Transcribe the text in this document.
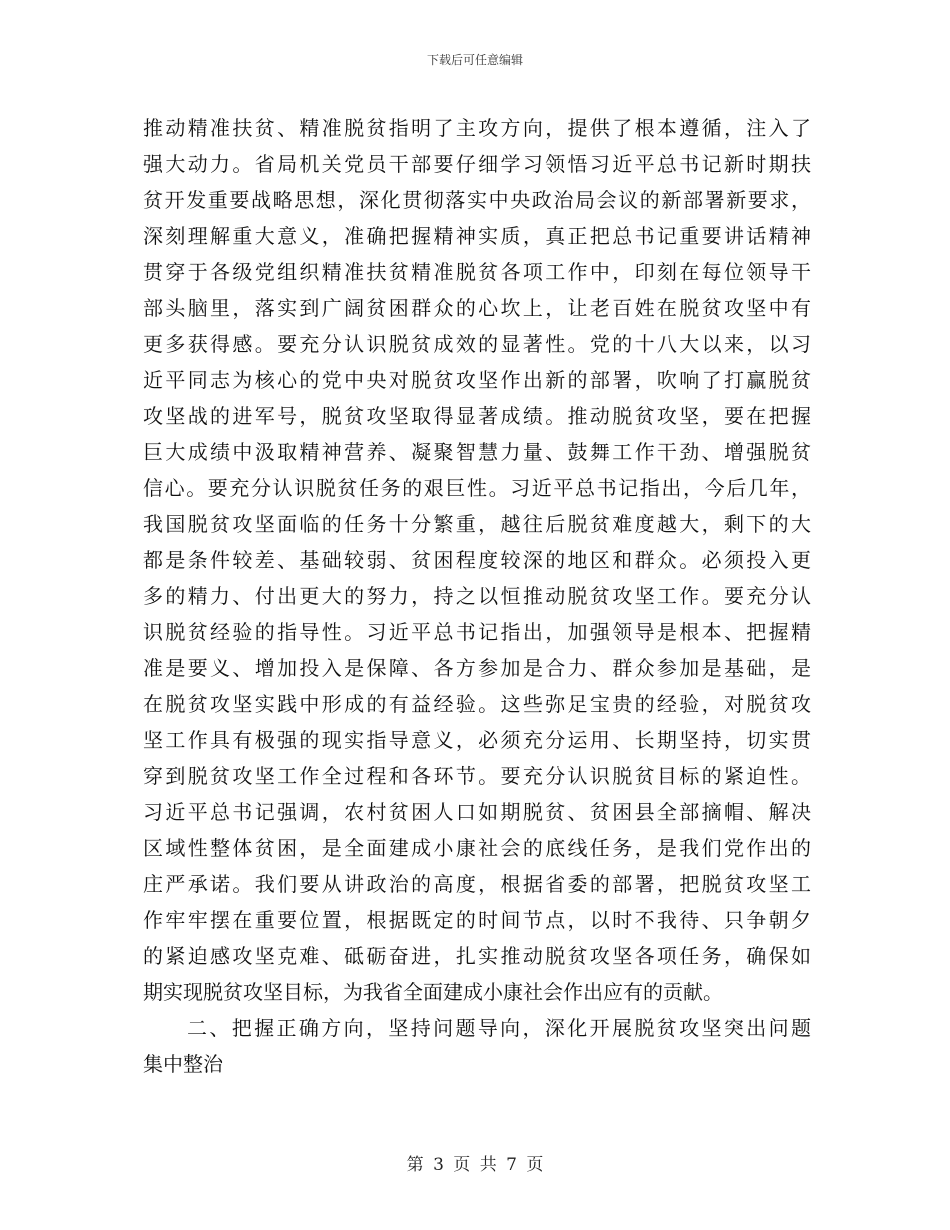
下载后可任意编辑
推动精准扶贫、精准脱贫指明了主攻方向，提供了根本遵循，注入了
强大动力。省局机关党员干部要仔细学习领悟习近平总书记新时期扶
贫开发重要战略思想，深化贯彻落实中央政治局会议的新部署新要求，
深刻理解重大意义，准确把握精神实质，真正把总书记重要讲话精神
贯穿于各级党组织精准扶贫精准脱贫各项工作中，印刻在每位领导干
部头脑里，落实到广阔贫困群众的心坎上，让老百姓在脱贫攻坚中有
更多获得感。要充分认识脱贫成效的显著性。党的十八大以来，以习
近平同志为核心的党中央对脱贫攻坚作出新的部署，吹响了打赢脱贫
攻坚战的进军号，脱贫攻坚取得显著成绩。推动脱贫攻坚，要在把握
巨大成绩中汲取精神营养、凝聚智慧力量、鼓舞工作干劲、增强脱贫
信心。要充分认识脱贫任务的艰巨性。习近平总书记指出，今后几年，
我国脱贫攻坚面临的任务十分繁重，越往后脱贫难度越大，剩下的大
都是条件较差、基础较弱、贫困程度较深的地区和群众。必须投入更
多的精力、付出更大的努力，持之以恒推动脱贫攻坚工作。要充分认
识脱贫经验的指导性。习近平总书记指出，加强领导是根本、把握精
准是要义、增加投入是保障、各方参加是合力、群众参加是基础，是
在脱贫攻坚实践中形成的有益经验。这些弥足宝贵的经验，对脱贫攻
坚工作具有极强的现实指导意义，必须充分运用、长期坚持，切实贯
穿到脱贫攻坚工作全过程和各环节。要充分认识脱贫目标的紧迫性。
习近平总书记强调，农村贫困人口如期脱贫、贫困县全部摘帽、解决
区域性整体贫困，是全面建成小康社会的底线任务，是我们党作出的
庄严承诺。我们要从讲政治的高度，根据省委的部署，把脱贫攻坚工
作牢牢摆在重要位置，根据既定的时间节点，以时不我待、只争朝夕
的紧迫感攻坚克难、砥砺奋进，扎实推动脱贫攻坚各项任务，确保如
期实现脱贫攻坚目标，为我省全面建成小康社会作出应有的贡献。
二、把握正确方向，坚持问题导向，深化开展脱贫攻坚突出问题
集中整治
第 3 页 共 7 页
